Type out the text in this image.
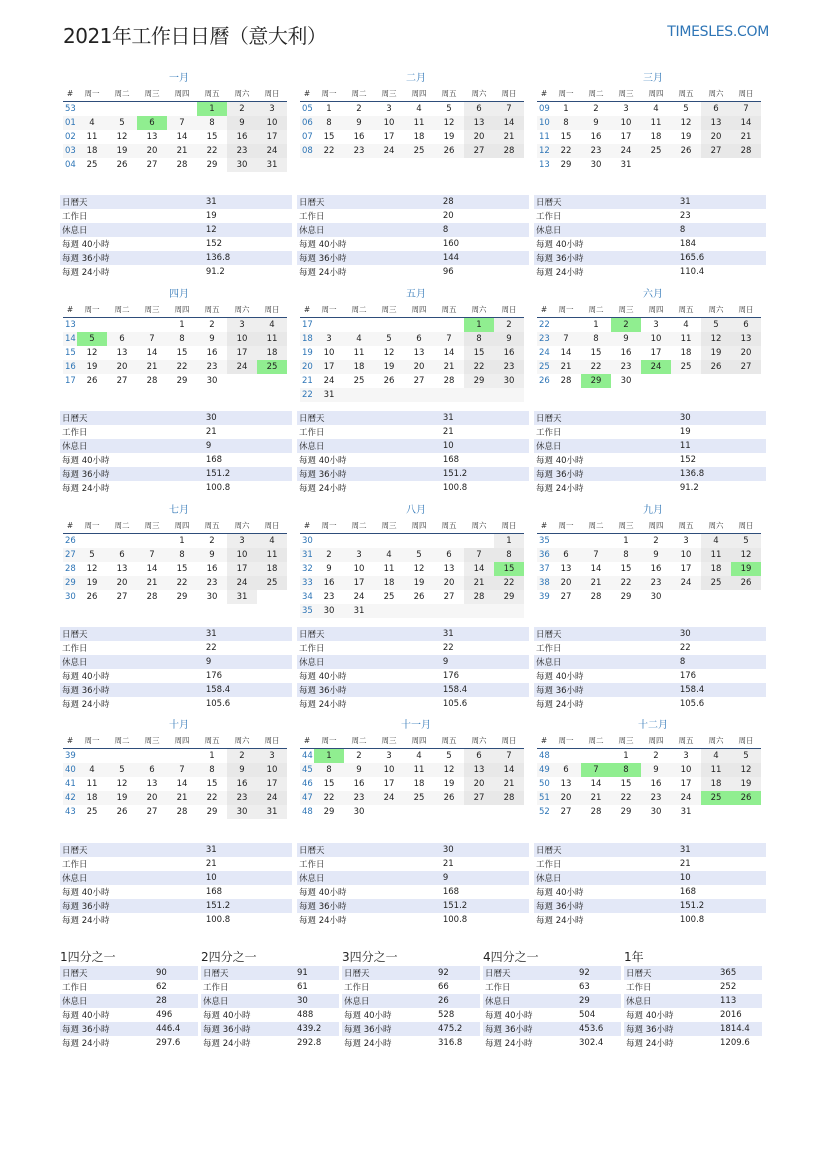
2021年工作日日曆（意大利）	TIMESLES.COM
一月
#	周一	周二	周三	周四	周五	周六	周日
53					1	2	3
01	4	5	6	7	8	9	10
02	11	12	13	14	15	16	17
03	18	19	20	21	22	23	24
04	25	26	27	28	29	30	31
日曆天	31
工作日	19
休息日	12
每週 40小時	152
每週 36小時	136.8
每週 24小時	91.2
二月
#	周一	周二	周三	周四	周五	周六	周日
05	1	2	3	4	5	6	7
06	8	9	10	11	12	13	14
07	15	16	17	18	19	20	21
08	22	23	24	25	26	27	28
日曆天	28
工作日	20
休息日	8
每週 40小時	160
每週 36小時	144
每週 24小時	96
三月
#	周一	周二	周三	周四	周五	周六	周日
09	1	2	3	4	5	6	7
10	8	9	10	11	12	13	14
11	15	16	17	18	19	20	21
12	22	23	24	25	26	27	28
13	29	30	31				
日曆天	31
工作日	23
休息日	8
每週 40小時	184
每週 36小時	165.6
每週 24小時	110.4
四月
#	周一	周二	周三	周四	周五	周六	周日
13				1	2	3	4
14	5	6	7	8	9	10	11
15	12	13	14	15	16	17	18
16	19	20	21	22	23	24	25
17	26	27	28	29	30		
日曆天	30
工作日	21
休息日	9
每週 40小時	168
每週 36小時	151.2
每週 24小時	100.8
五月
#	周一	周二	周三	周四	周五	周六	周日
17						1	2
18	3	4	5	6	7	8	9
19	10	11	12	13	14	15	16
20	17	18	19	20	21	22	23
21	24	25	26	27	28	29	30
22	31						
日曆天	31
工作日	21
休息日	10
每週 40小時	168
每週 36小時	151.2
每週 24小時	100.8
六月
#	周一	周二	周三	周四	周五	周六	周日
22		1	2	3	4	5	6
23	7	8	9	10	11	12	13
24	14	15	16	17	18	19	20
25	21	22	23	24	25	26	27
26	28	29	30				
日曆天	30
工作日	19
休息日	11
每週 40小時	152
每週 36小時	136.8
每週 24小時	91.2
七月
#	周一	周二	周三	周四	周五	周六	周日
26				1	2	3	4
27	5	6	7	8	9	10	11
28	12	13	14	15	16	17	18
29	19	20	21	22	23	24	25
30	26	27	28	29	30	31	
日曆天	31
工作日	22
休息日	9
每週 40小時	176
每週 36小時	158.4
每週 24小時	105.6
八月
#	周一	周二	周三	周四	周五	周六	周日
30							1
31	2	3	4	5	6	7	8
32	9	10	11	12	13	14	15
33	16	17	18	19	20	21	22
34	23	24	25	26	27	28	29
35	30	31					
日曆天	31
工作日	22
休息日	9
每週 40小時	176
每週 36小時	158.4
每週 24小時	105.6
九月
#	周一	周二	周三	周四	周五	周六	周日
35			1	2	3	4	5
36	6	7	8	9	10	11	12
37	13	14	15	16	17	18	19
38	20	21	22	23	24	25	26
39	27	28	29	30			
日曆天	30
工作日	22
休息日	8
每週 40小時	176
每週 36小時	158.4
每週 24小時	105.6
十月
#	周一	周二	周三	周四	周五	周六	周日
39					1	2	3
40	4	5	6	7	8	9	10
41	11	12	13	14	15	16	17
42	18	19	20	21	22	23	24
43	25	26	27	28	29	30	31
日曆天	31
工作日	21
休息日	10
每週 40小時	168
每週 36小時	151.2
每週 24小時	100.8
十一月
#	周一	周二	周三	周四	周五	周六	周日
44	1	2	3	4	5	6	7
45	8	9	10	11	12	13	14
46	15	16	17	18	19	20	21
47	22	23	24	25	26	27	28
48	29	30					
日曆天	30
工作日	21
休息日	9
每週 40小時	168
每週 36小時	151.2
每週 24小時	100.8
十二月
#	周一	周二	周三	周四	周五	周六	周日
48			1	2	3	4	5
49	6	7	8	9	10	11	12
50	13	14	15	16	17	18	19
51	20	21	22	23	24	25	26
52	27	28	29	30	31		
日曆天	31
工作日	21
休息日	10
每週 40小時	168
每週 36小時	151.2
每週 24小時	100.8
1四分之一
日曆天	90
工作日	62
休息日	28
每週 40小時	496
每週 36小時	446.4
每週 24小時	297.6
2四分之一
日曆天	91
工作日	61
休息日	30
每週 40小時	488
每週 36小時	439.2
每週 24小時	292.8
3四分之一
日曆天	92
工作日	66
休息日	26
每週 40小時	528
每週 36小時	475.2
每週 24小時	316.8
4四分之一
日曆天	92
工作日	63
休息日	29
每週 40小時	504
每週 36小時	453.6
每週 24小時	302.4
1年
日曆天	365
工作日	252
休息日	113
每週 40小時	2016
每週 36小時	1814.4
每週 24小時	1209.6
